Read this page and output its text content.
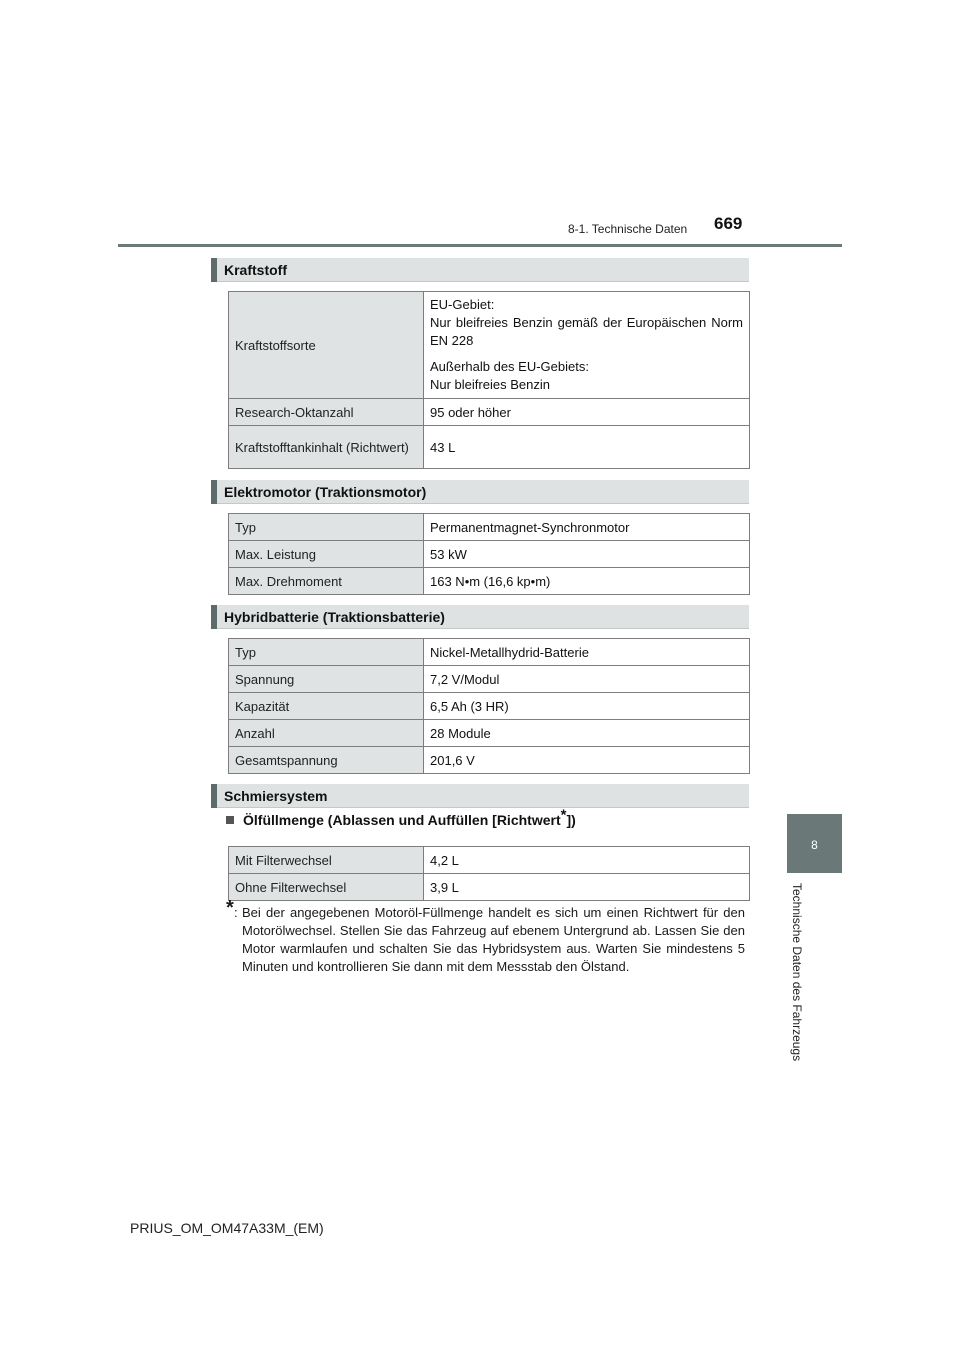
8-1. Technische Daten 669
8
Technische Daten des Fahrzeugs
Kraftstoff
Kraftstoffsorte	EU-Gebiet:

Nur bleifreies Benzin gemäß der Europäischen Norm EN 228

Außerhalb des EU-Gebiets:

Nur bleifreies Benzin

Research-Oktanzahl	95 oder höher
Kraftstofftankinhalt (Richtwert)	43 L
Elektromotor (Traktionsmotor)
Typ	Permanentmagnet-Synchronmotor
Max. Leistung	53 kW
Max. Drehmoment	163 N•m (16,6 kp•m)
Hybridbatterie (Traktionsbatterie)
Typ	Nickel-Metallhydrid-Batterie
Spannung	7,2 V/Modul
Kapazität	6,5 Ah (3 HR)
Anzahl	28 Module
Gesamtspannung	201,6 V
Schmiersystem
Ölfüllmenge (Ablassen und Auffüllen [Richtwert*])
Mit Filterwechsel	4,2 L
Ohne Filterwechsel	3,9 L
* : Bei der angegebenen Motoröl-Füllmenge handelt es sich um einen Richtwert für den Motorölwechsel. Stellen Sie das Fahrzeug auf ebenem Untergrund ab. Lassen Sie den Motor warmlaufen und schalten Sie das Hybridsystem aus. Warten Sie mindestens 5 Minuten und kontrollieren Sie dann mit dem Messstab den Ölstand.
PRIUS_OM_OM47A33M_(EM)
